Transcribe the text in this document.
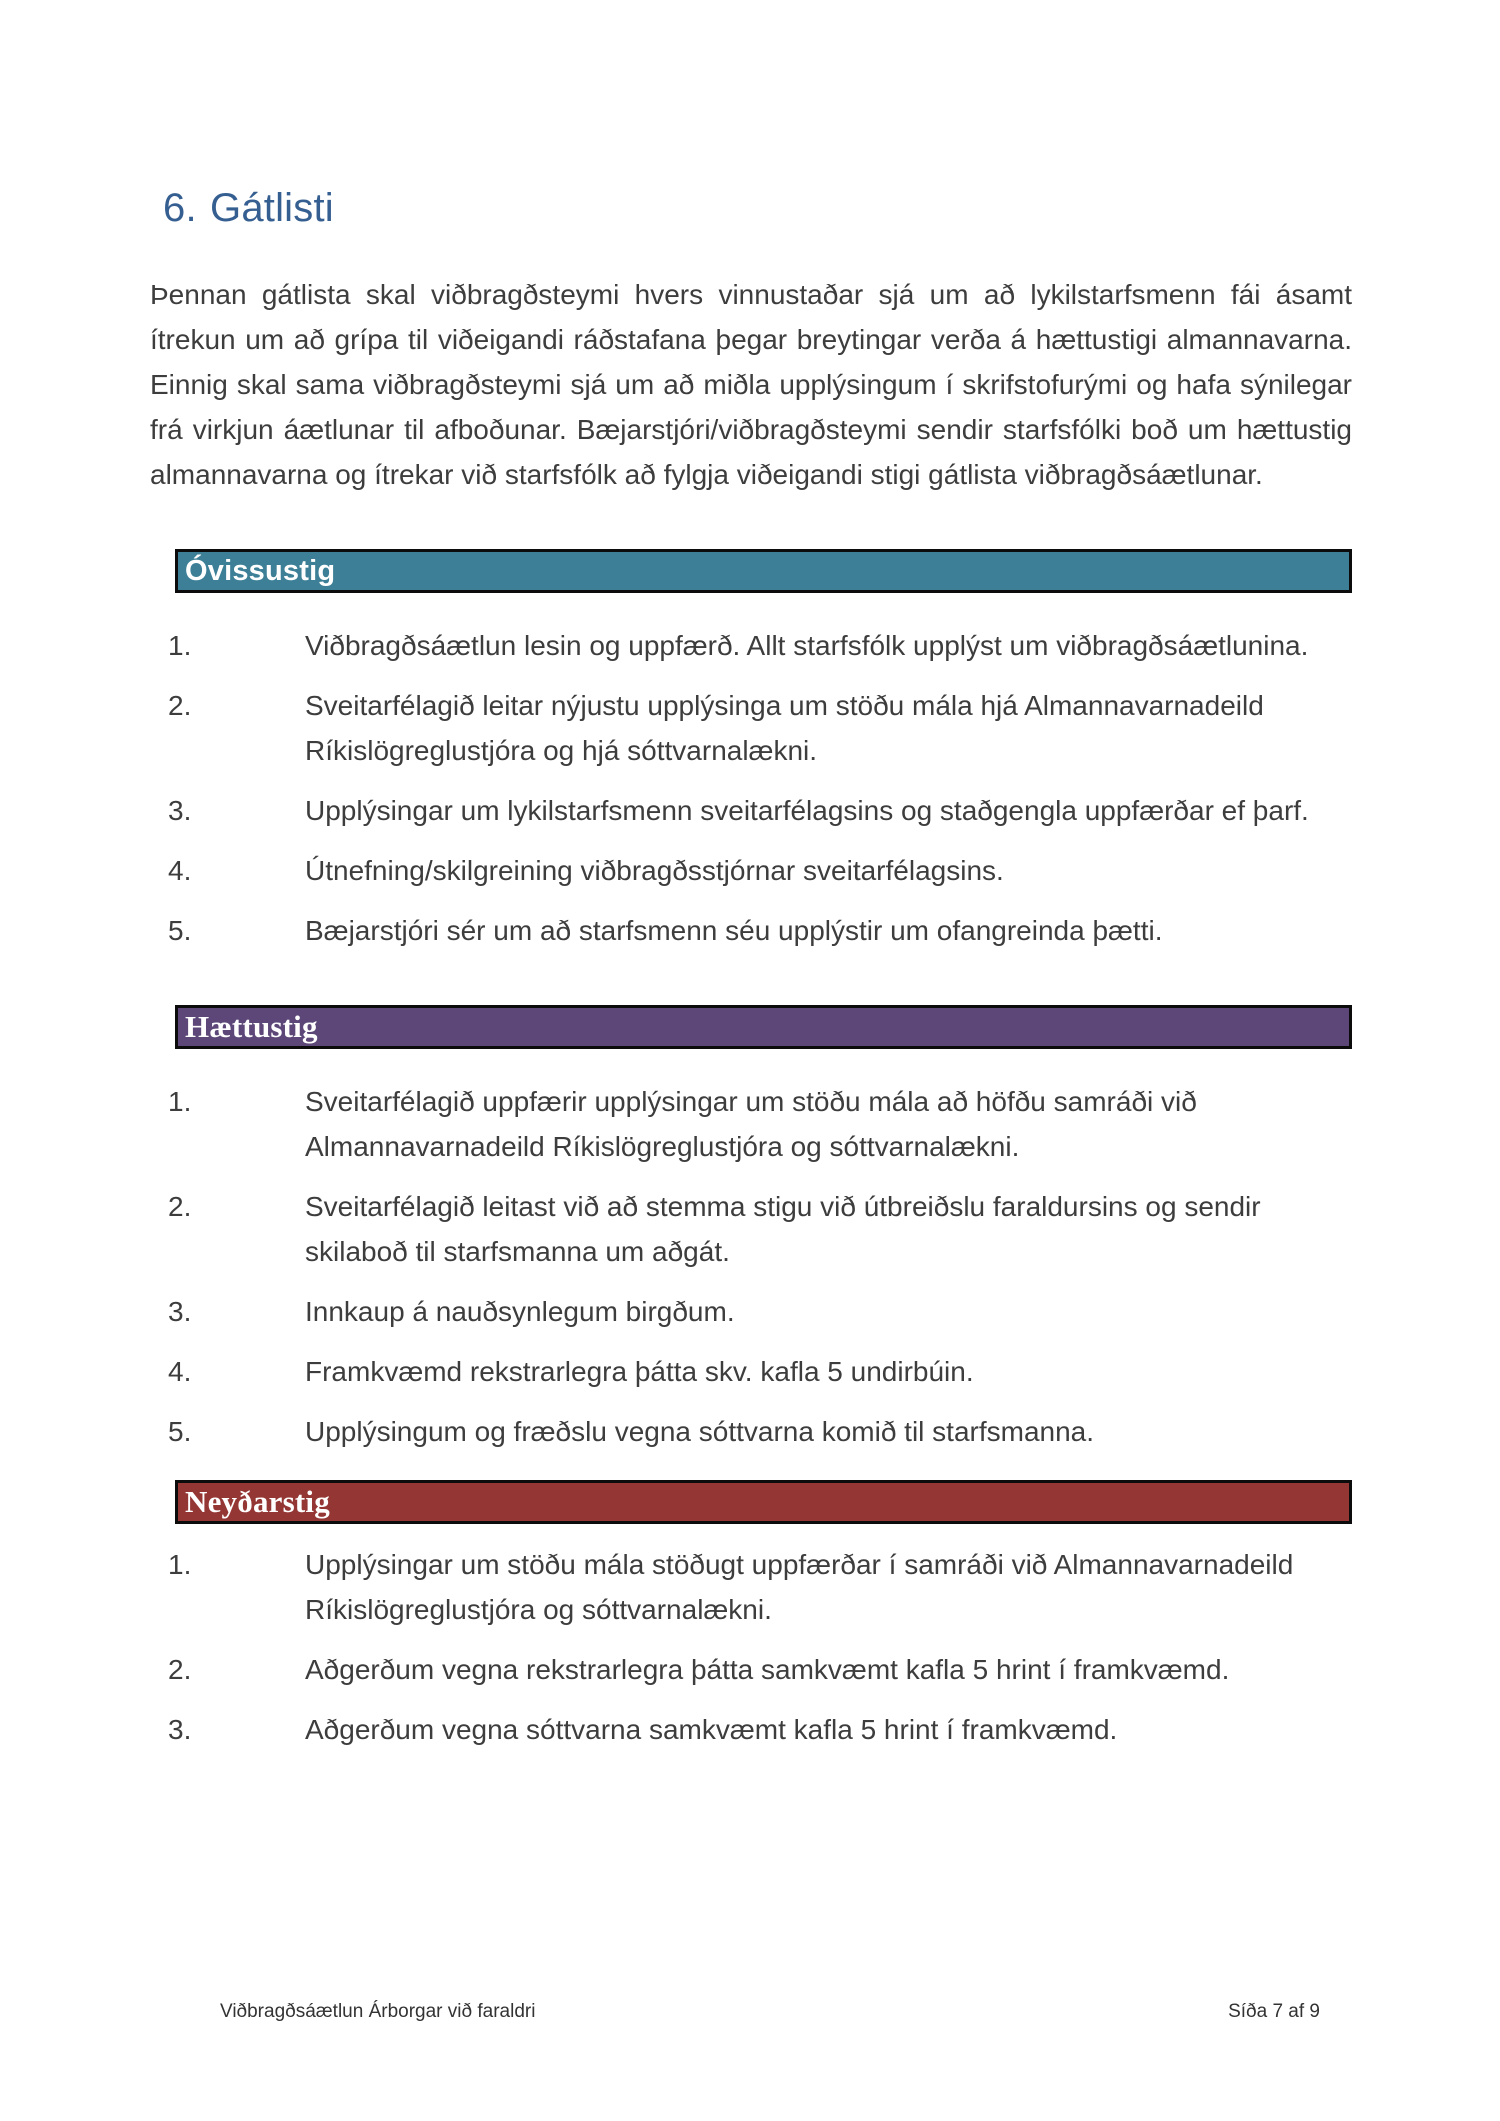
6. Gátlisti

Þennan gátlista skal viðbragðsteymi hvers vinnustaðar sjá um að lykilstarfsmenn fái ásamt ítrekun um að grípa til viðeigandi ráðstafana þegar breytingar verða á hættustigi almannavarna. Einnig skal sama viðbragðsteymi sjá um að miðla upplýsingum í skrifstofurými og hafa sýnilegar frá virkjun áætlunar til afboðunar. Bæjarstjóri/viðbragðsteymi sendir starfsfólki boð um hættustig almannavarna og ítrekar við starfsfólk að fylgja viðeigandi stigi gátlista viðbragðsáætlunar.

Óvissustig
1.	Viðbragðsáætlun lesin og uppfærð. Allt starfsfólk upplýst um viðbragðsáætlunina.
2.	Sveitarfélagið leitar nýjustu upplýsinga um stöðu mála hjá Almannavarnadeild Ríkislögreglustjóra og hjá sóttvarnalækni.
3.	Upplýsingar um lykilstarfsmenn sveitarfélagsins og staðgengla uppfærðar ef þarf.
4.	Útnefning/skilgreining viðbragðsstjórnar sveitarfélagsins.
5.	Bæjarstjóri sér um að starfsmenn séu upplýstir um ofangreinda þætti.
Hættustig
1.	Sveitarfélagið uppfærir upplýsingar um stöðu mála að höfðu samráði við Almannavarnadeild Ríkislögreglustjóra og sóttvarnalækni.
2.	Sveitarfélagið leitast við að stemma stigu við útbreiðslu faraldursins og sendir skilaboð til starfsmanna um aðgát.
3.	Innkaup á nauðsynlegum birgðum.
4.	Framkvæmd rekstrarlegra þátta skv. kafla 5 undirbúin.
5.	Upplýsingum og fræðslu vegna sóttvarna komið til starfsmanna.
Neyðarstig
1.	Upplýsingar um stöðu mála stöðugt uppfærðar í samráði við Almannavarnadeild Ríkislögreglustjóra og sóttvarnalækni.
2.	Aðgerðum vegna rekstrarlegra þátta samkvæmt kafla 5 hrint í framkvæmd.
3.	Aðgerðum vegna sóttvarna samkvæmt kafla 5 hrint í framkvæmd.
Viðbragðsáætlun Árborgar við faraldri	Síða 7 af 9
